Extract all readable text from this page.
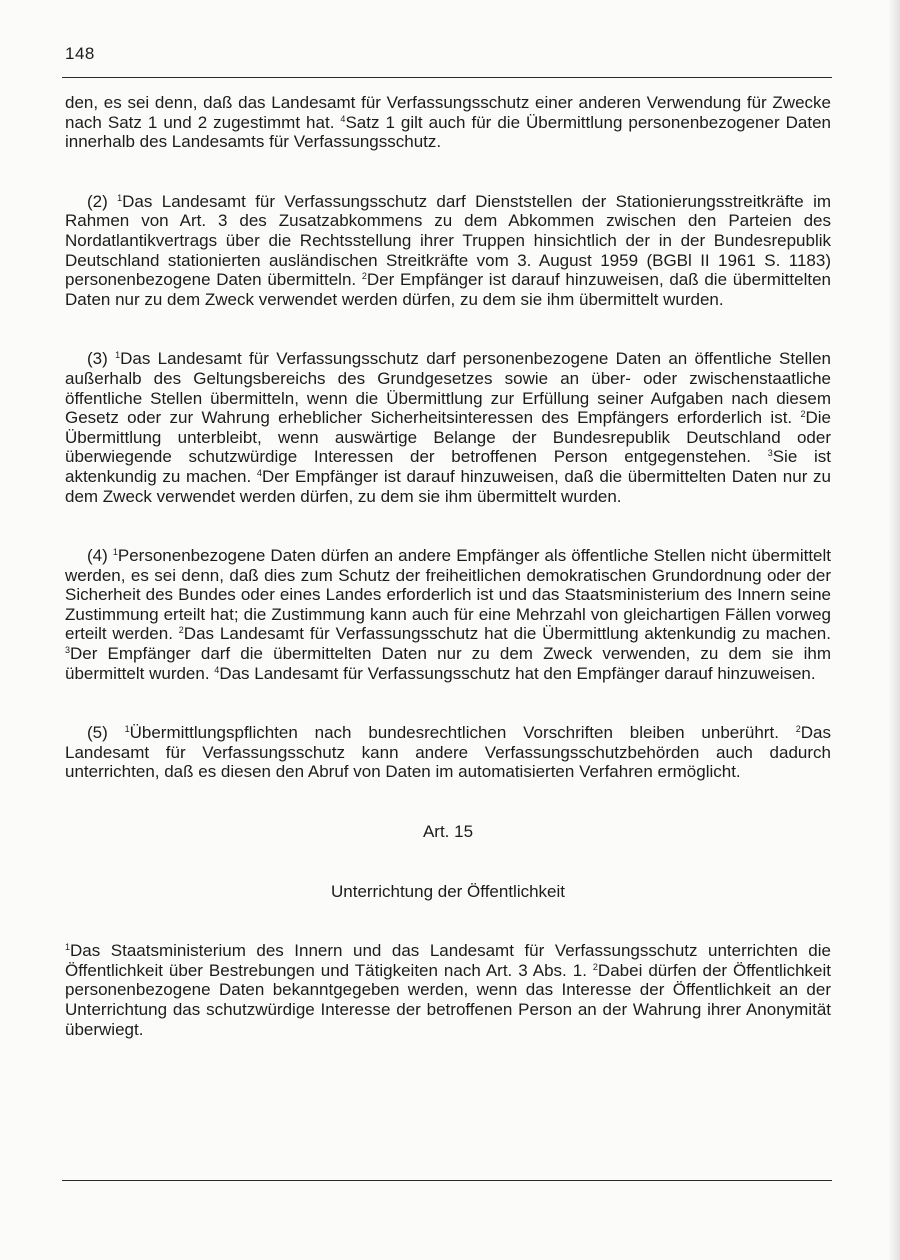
148

den, es sei denn, daß das Landesamt für Verfassungsschutz einer anderen Verwendung für Zwecke nach Satz 1 und 2 zugestimmt hat. $^4$Satz 1 gilt auch für die Übermittlung personenbezogener Daten innerhalb des Landesamts für Verfassungsschutz.

(2) $^1$Das Landesamt für Verfassungsschutz darf Dienststellen der Stationierungsstreitkräfte im Rahmen von Art. 3 des Zusatzabkommens zu dem Abkommen zwischen den Parteien des Nordatlantikvertrags über die Rechtsstellung ihrer Truppen hinsichtlich der in der Bundesrepublik Deutschland stationierten ausländischen Streitkräfte vom 3. August 1959 (BGBl II 1961 S. 1183) personenbezogene Daten übermitteln. $^2$Der Empfänger ist darauf hinzuweisen, daß die übermittelten Daten nur zu dem Zweck verwendet werden dürfen, zu dem sie ihm übermittelt wurden.

(3) $^1$Das Landesamt für Verfassungsschutz darf personenbezogene Daten an öffentliche Stellen außerhalb des Geltungsbereichs des Grundgesetzes sowie an über- oder zwischenstaatliche öffentliche Stellen übermitteln, wenn die Übermittlung zur Erfüllung seiner Aufgaben nach diesem Gesetz oder zur Wahrung erheblicher Sicherheitsinteressen des Empfängers erforderlich ist. $^2$Die Übermittlung unterbleibt, wenn auswärtige Belange der Bundesrepublik Deutschland oder überwiegende schutzwürdige Interessen der betroffenen Person entgegenstehen. $^3$Sie ist aktenkundig zu machen. $^4$Der Empfänger ist darauf hinzuweisen, daß die übermittelten Daten nur zu dem Zweck verwendet werden dürfen, zu dem sie ihm übermittelt wurden.

(4) $^1$Personenbezogene Daten dürfen an andere Empfänger als öffentliche Stellen nicht übermittelt werden, es sei denn, daß dies zum Schutz der freiheitlichen demokratischen Grundordnung oder der Sicherheit des Bundes oder eines Landes erforderlich ist und das Staatsministerium des Innern seine Zustimmung erteilt hat; die Zustimmung kann auch für eine Mehrzahl von gleichartigen Fällen vorweg erteilt werden. $^2$Das Landesamt für Verfassungsschutz hat die Übermittlung aktenkundig zu machen. $^3$Der Empfänger darf die übermittelten Daten nur zu dem Zweck verwenden, zu dem sie ihm übermittelt wurden. $^4$Das Landesamt für Verfassungsschutz hat den Empfänger darauf hinzuweisen.

(5) $^1$Übermittlungspflichten nach bundesrechtlichen Vorschriften bleiben unberührt. $^2$Das Landesamt für Verfassungsschutz kann andere Verfassungsschutzbehörden auch dadurch unterrichten, daß es diesen den Abruf von Daten im automatisierten Verfahren ermöglicht.

Art. 15

Unterrichtung der Öffentlichkeit

$^1$Das Staatsministerium des Innern und das Landesamt für Verfassungsschutz unterrichten die Öffentlichkeit über Bestrebungen und Tätigkeiten nach Art. 3 Abs. 1. $^2$Dabei dürfen der Öffentlichkeit personenbezogene Daten bekanntgegeben werden, wenn das Interesse der Öffentlichkeit an der Unterrichtung das schutzwürdige Interesse der betroffenen Person an der Wahrung ihrer Anonymität überwiegt.
